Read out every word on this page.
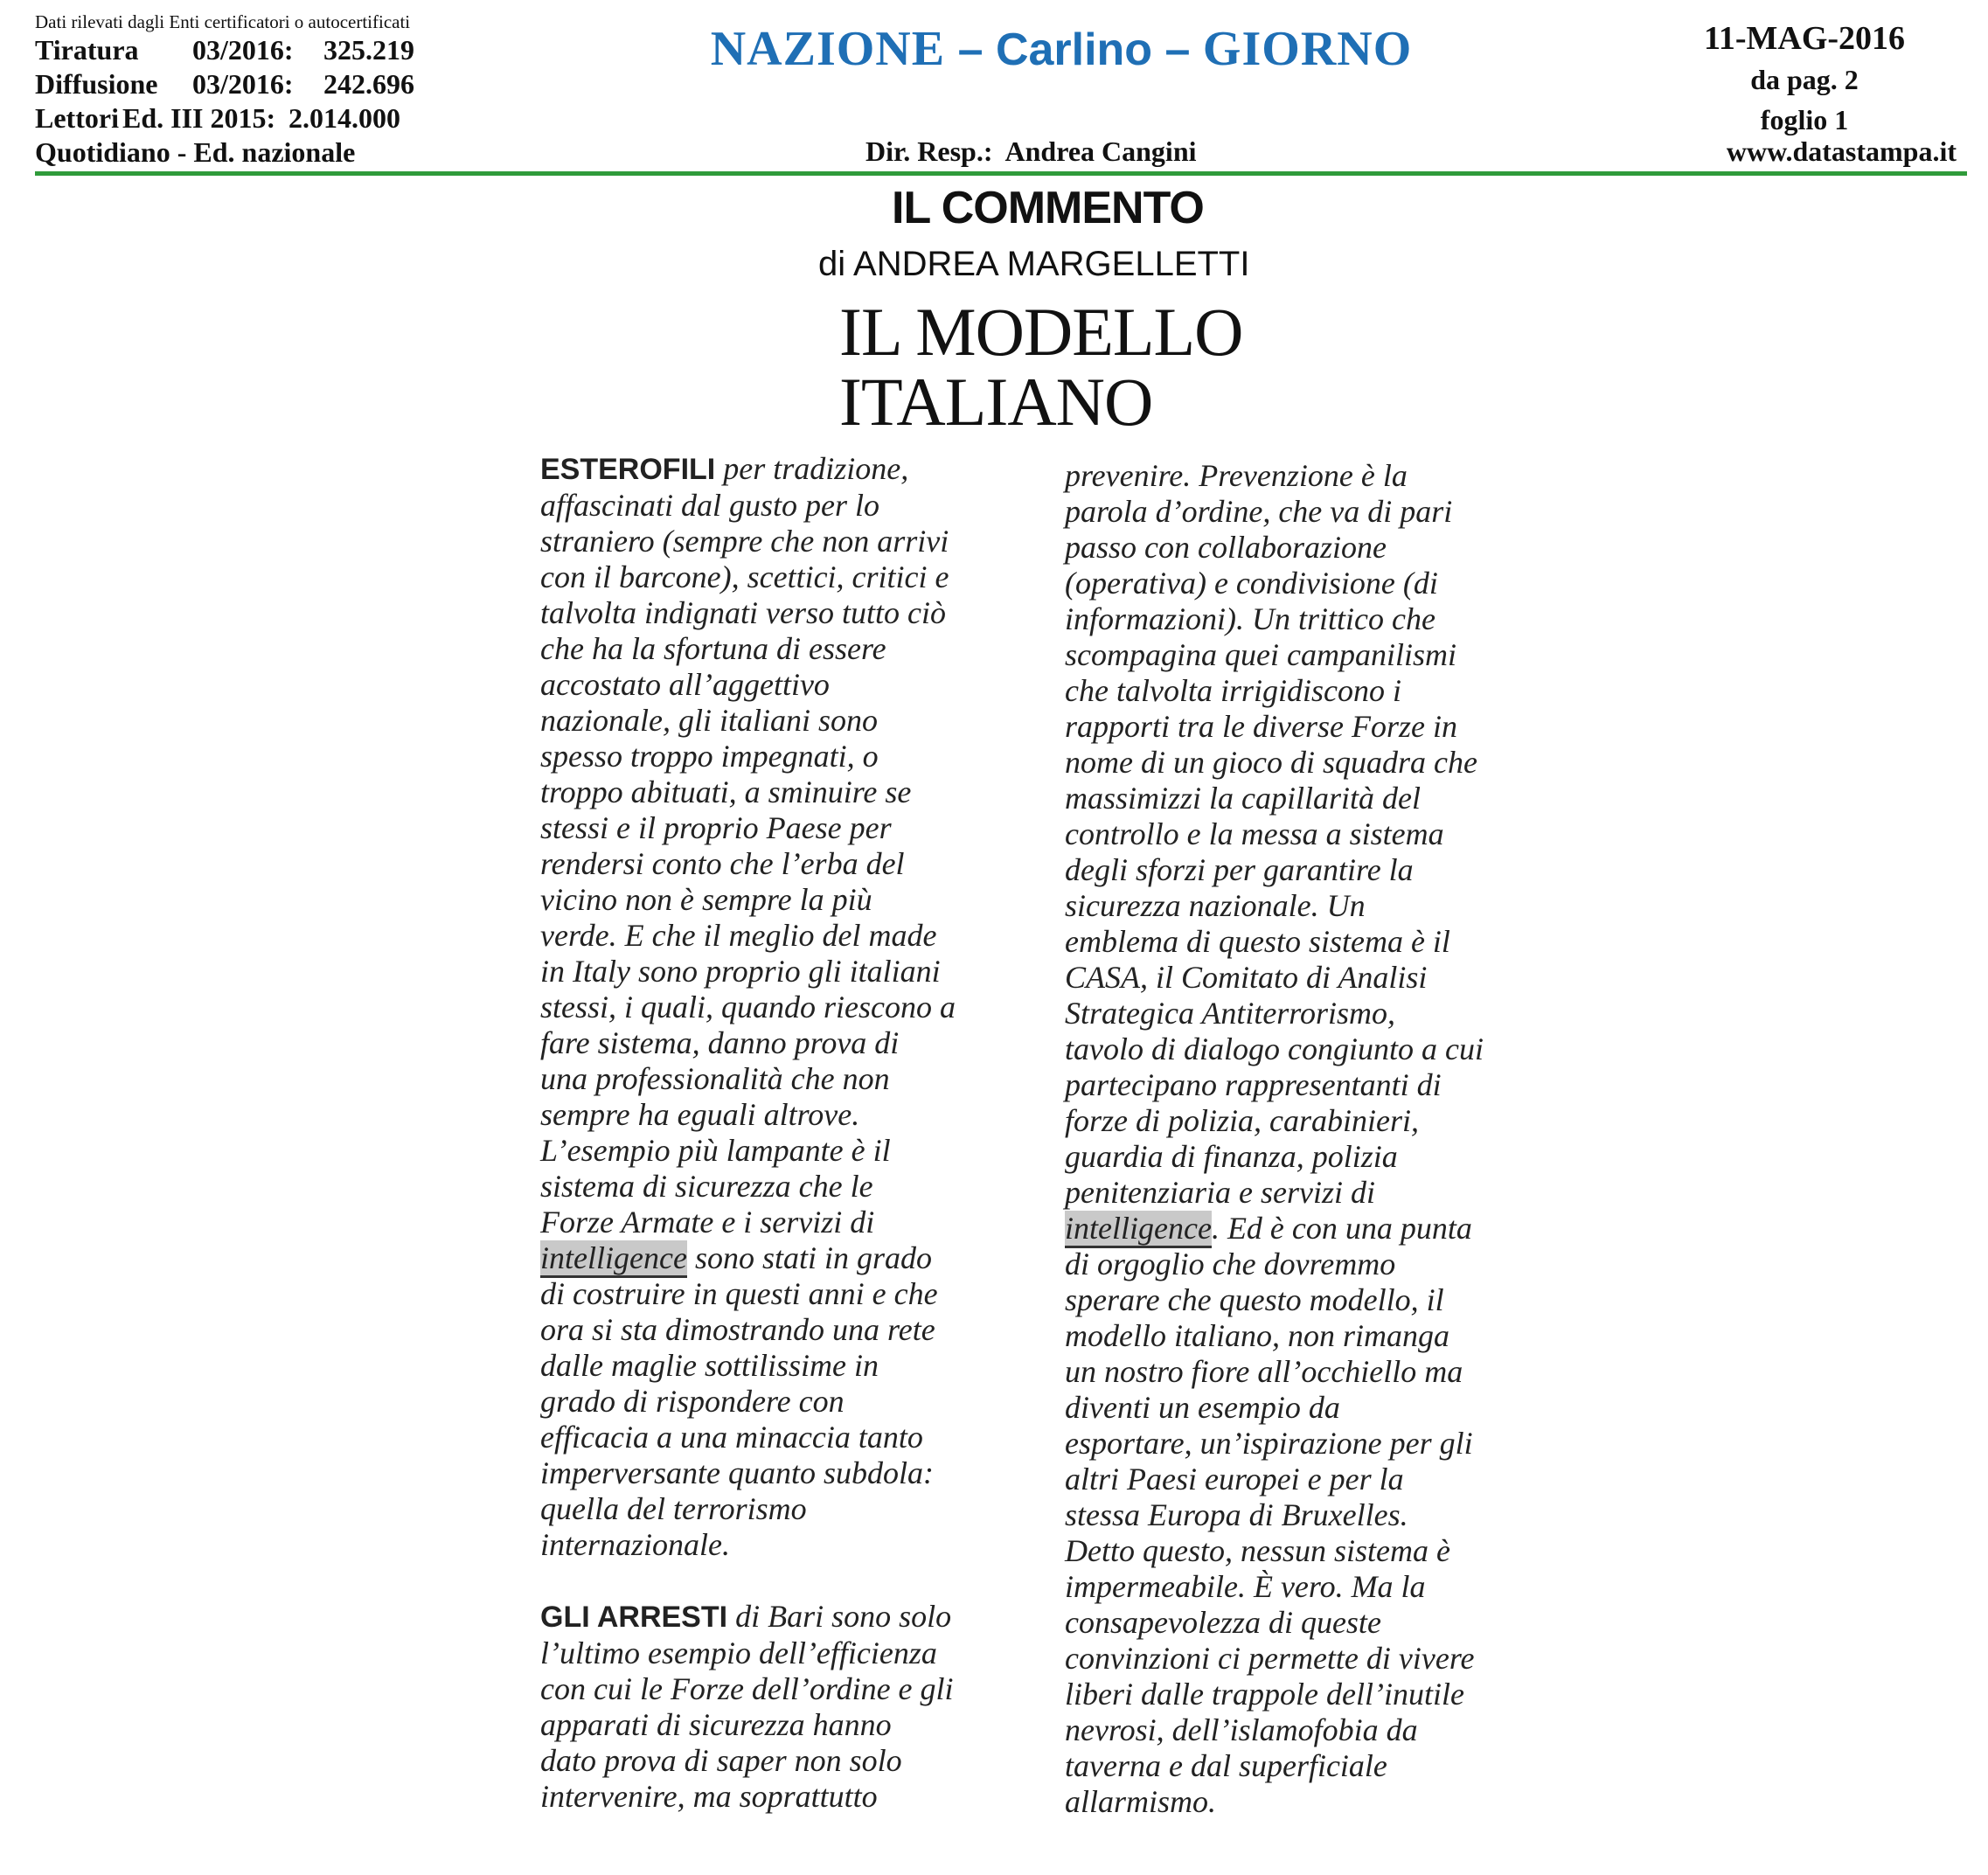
Dati rilevati dagli Enti certificatori o autocertificati
Tiratura 03/2016: 325.219
Diffusione 03/2016: 242.696
Lettori Ed. III 2015: 2.014.000
Quotidiano - Ed. nazionale
NAZIONE – Carlino – GIORNO	11-MAG-2016
da pag. 2
foglio 1
Dir. Resp.: Andrea Cangini	www.datastampa.it
IL COMMENTO
di ANDREA MARGELLETTI
IL MODELLO
ITALIANO
ESTEROFILI per tradizione,
affascinati dal gusto per lo
straniero (sempre che non arrivi
con il barcone), scettici, critici e
talvolta indignati verso tutto ciò
che ha la sfortuna di essere
accostato all’aggettivo
nazionale, gli italiani sono
spesso troppo impegnati, o
troppo abituati, a sminuire se
stessi e il proprio Paese per
rendersi conto che l’erba del
vicino non è sempre la più
verde. E che il meglio del made
in Italy sono proprio gli italiani
stessi, i quali, quando riescono a
fare sistema, danno prova di
una professionalità che non
sempre ha eguali altrove.
L’esempio più lampante è il
sistema di sicurezza che le
Forze Armate e i servizi di
intelligence sono stati in grado
di costruire in questi anni e che
ora si sta dimostrando una rete
dalle maglie sottilissime in
grado di rispondere con
efficacia a una minaccia tanto
imperversante quanto subdola:
quella del terrorismo
internazionale.
GLI ARRESTI di Bari sono solo
l’ultimo esempio dell’efficienza
con cui le Forze dell’ordine e gli
apparati di sicurezza hanno
dato prova di saper non solo
intervenire, ma soprattutto
prevenire. Prevenzione è la
parola d’ordine, che va di pari
passo con collaborazione
(operativa) e condivisione (di
informazioni). Un trittico che
scompagina quei campanilismi
che talvolta irrigidiscono i
rapporti tra le diverse Forze in
nome di un gioco di squadra che
massimizzi la capillarità del
controllo e la messa a sistema
degli sforzi per garantire la
sicurezza nazionale. Un
emblema di questo sistema è il
CASA, il Comitato di Analisi
Strategica Antiterrorismo,
tavolo di dialogo congiunto a cui
partecipano rappresentanti di
forze di polizia, carabinieri,
guardia di finanza, polizia
penitenziaria e servizi di
intelligence. Ed è con una punta
di orgoglio che dovremmo
sperare che questo modello, il
modello italiano, non rimanga
un nostro fiore all’occhiello ma
diventi un esempio da
esportare, un’ispirazione per gli
altri Paesi europei e per la
stessa Europa di Bruxelles.
Detto questo, nessun sistema è
impermeabile. È vero. Ma la
consapevolezza di queste
convinzioni ci permette di vivere
liberi dalle trappole dell’inutile
nevrosi, dell’islamofobia da
taverna e dal superficiale
allarmismo.
